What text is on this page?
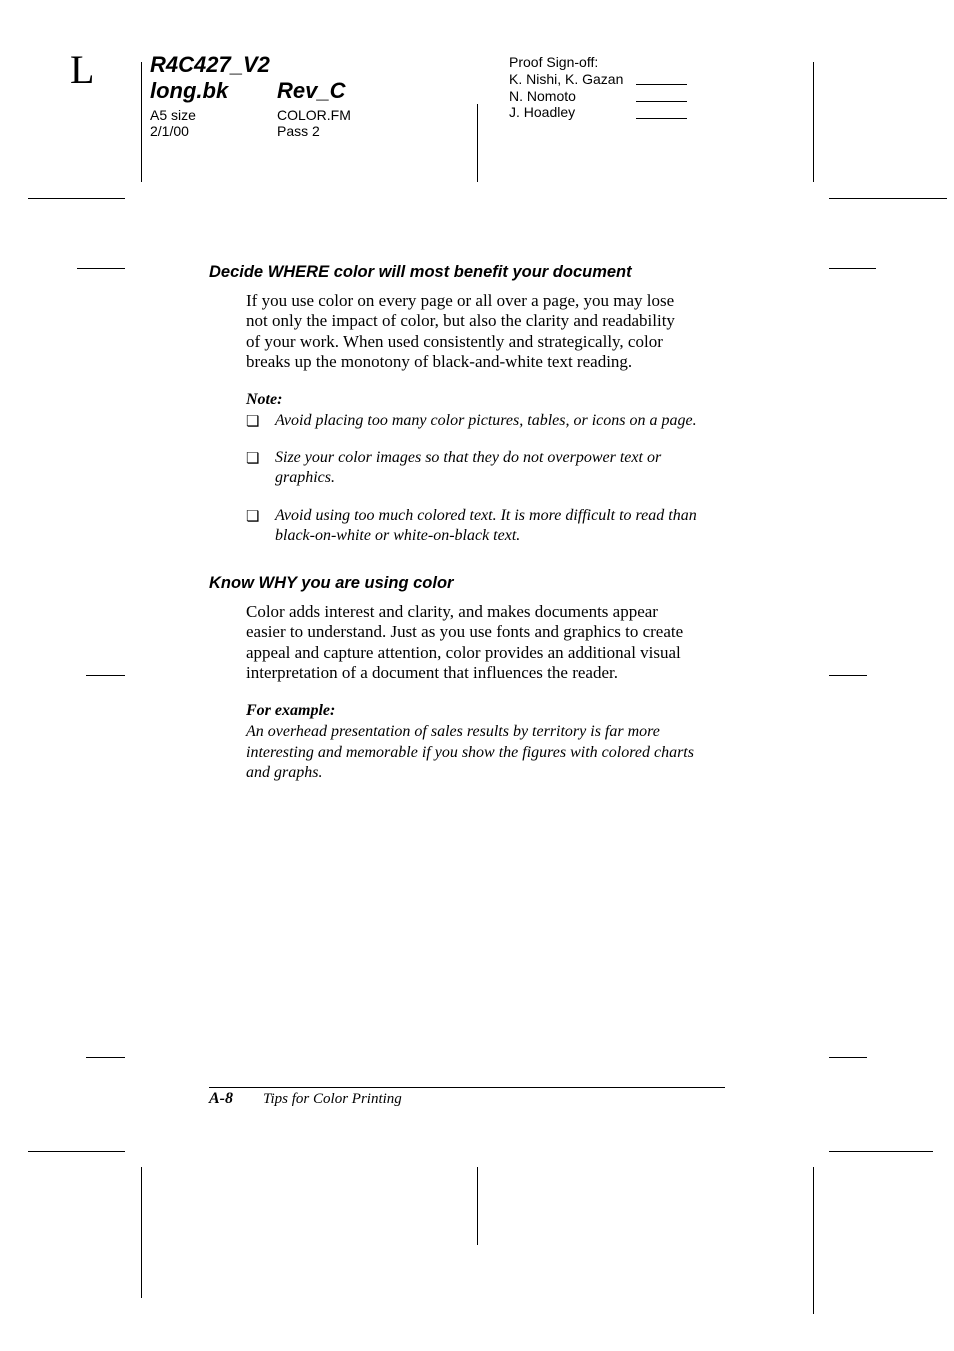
L	R4C427_V2
long.bk Rev_C
A5 size	COLOR.FM
2/1/00	Pass 2
Proof Sign-off:
K. Nishi, K. Gazan
N. Nomoto
J. Hoadley
Decide WHERE color will most benefit your document
If you use color on every page or all over a page, you may lose
not only the impact of color, but also the clarity and readability
of your work. When used consistently and strategically, color
breaks up the monotony of black-and-white text reading.
Note:
❏ Avoid placing too many color pictures, tables, or icons on a page.
❏ Size your color images so that they do not overpower text or
graphics.
❏ Avoid using too much colored text. It is more difficult to read than
black-on-white or white-on-black text.
Know WHY you are using color
Color adds interest and clarity, and makes documents appear
easier to understand. Just as you use fonts and graphics to create
appeal and capture attention, color provides an additional visual
interpretation of a document that influences the reader.
For example:
An overhead presentation of sales results by territory is far more
interesting and memorable if you show the figures with colored charts
and graphs.
A-8 Tips for Color Printing
